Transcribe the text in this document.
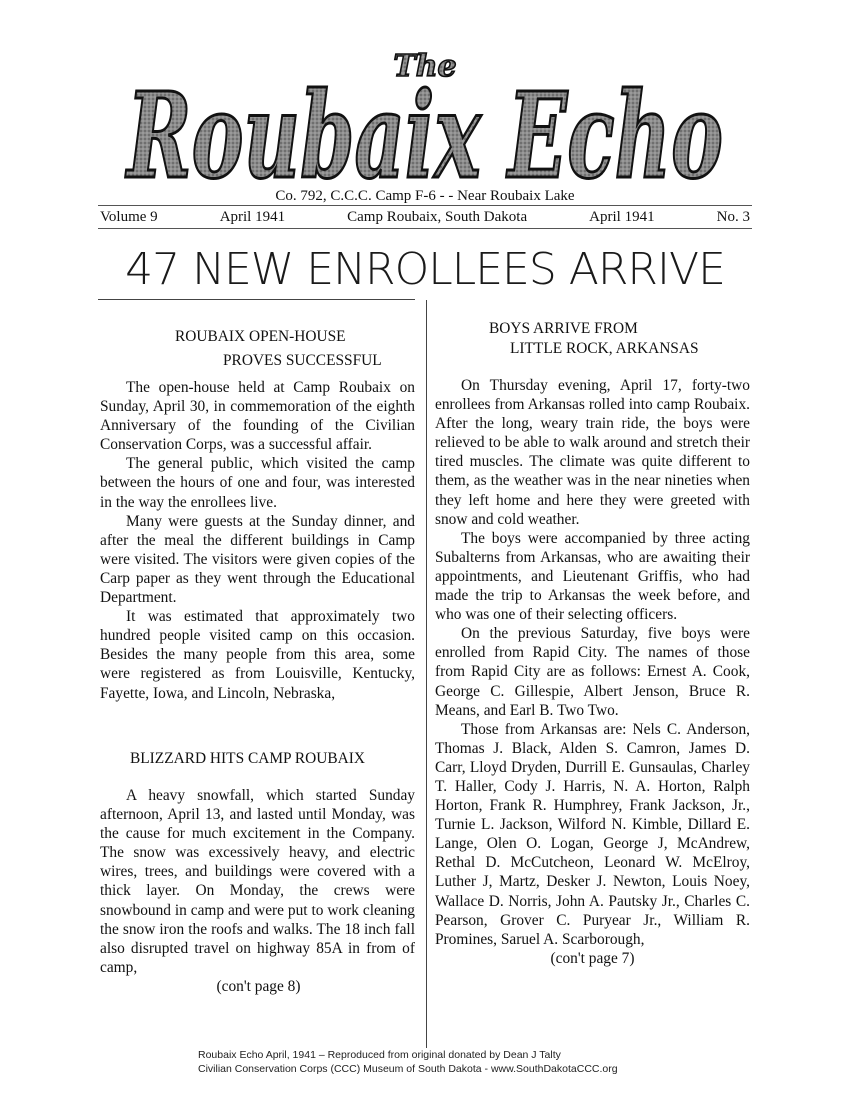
The
Roubaix Echo
Co. 792, C.C.C. Camp F-6 - - Near Roubaix Lake
Volume 9	April 1941	Camp Roubaix, South Dakota	April 1941	No. 3
47 NEW ENROLLEES ARRIVE
ROUBAIX OPEN-HOUSE
PROVES SUCCESSFUL

The open-house held at Camp Roubaix on Sunday, April 30, in commemoration of the eighth Anniversary of the founding of the Civilian Conservation Corps, was a successful affair.

The general public, which visited the camp between the hours of one and four, was interested in the way the enrollees live.

Many were guests at the Sunday dinner, and after the meal the different buildings in Camp were visited. The visitors were given copies of the Carp paper as they went through the Educational Department.

It was estimated that approximately two hundred people visited camp on this occasion. Besides the many people from this area, some were registered as from Louisville, Kentucky, Fayette, Iowa, and Lincoln, Nebraska,

BLIZZARD HITS CAMP ROUBAIX

A heavy snowfall, which started Sunday afternoon, April 13, and lasted until Monday, was the cause for much excitement in the Company. The snow was excessively heavy, and electric wires, trees, and buildings were covered with a thick layer. On Monday, the crews were snowbound in camp and were put to work cleaning the snow iron the roofs and walks. The 18 inch fall also disrupted travel on highway 85A in from of camp,

(con't page 8)
BOYS ARRIVE FROM
LITTLE ROCK, ARKANSAS

On Thursday evening, April 17, forty-two enrollees from Arkansas rolled into camp Roubaix. After the long, weary train ride, the boys were relieved to be able to walk around and stretch their tired muscles. The climate was quite different to them, as the weather was in the near nineties when they left home and here they were greeted with snow and cold weather.

The boys were accompanied by three acting Subalterns from Arkansas, who are awaiting their appointments, and Lieutenant Griffis, who had made the trip to Arkansas the week before, and who was one of their selecting officers.

On the previous Saturday, five boys were enrolled from Rapid City. The names of those from Rapid City are as follows: Ernest A. Cook, George C. Gillespie, Albert Jenson, Bruce R. Means, and Earl B. Two Two.

Those from Arkansas are: Nels C. Anderson, Thomas J. Black, Alden S. Camron, James D. Carr, Lloyd Dryden, Durrill E. Gunsaulas, Charley T. Haller, Cody J. Harris, N. A. Horton, Ralph Horton, Frank R. Humphrey, Frank Jackson, Jr., Turnie L. Jackson, Wilford N. Kimble, Dillard E. Lange, Olen O. Logan, George J, McAndrew, Rethal D. McCutcheon, Leonard W. McElroy, Luther J, Martz, Desker J. Newton, Louis Noey, Wallace D. Norris, John A. Pautsky Jr., Charles C. Pearson, Grover C. Puryear Jr., William R. Promines, Saruel A. Scarborough,

(con't page 7)
Roubaix Echo April, 1941 – Reproduced from original donated by Dean J Talty
Civilian Conservation Corps (CCC) Museum of South Dakota - www.SouthDakotaCCC.org
